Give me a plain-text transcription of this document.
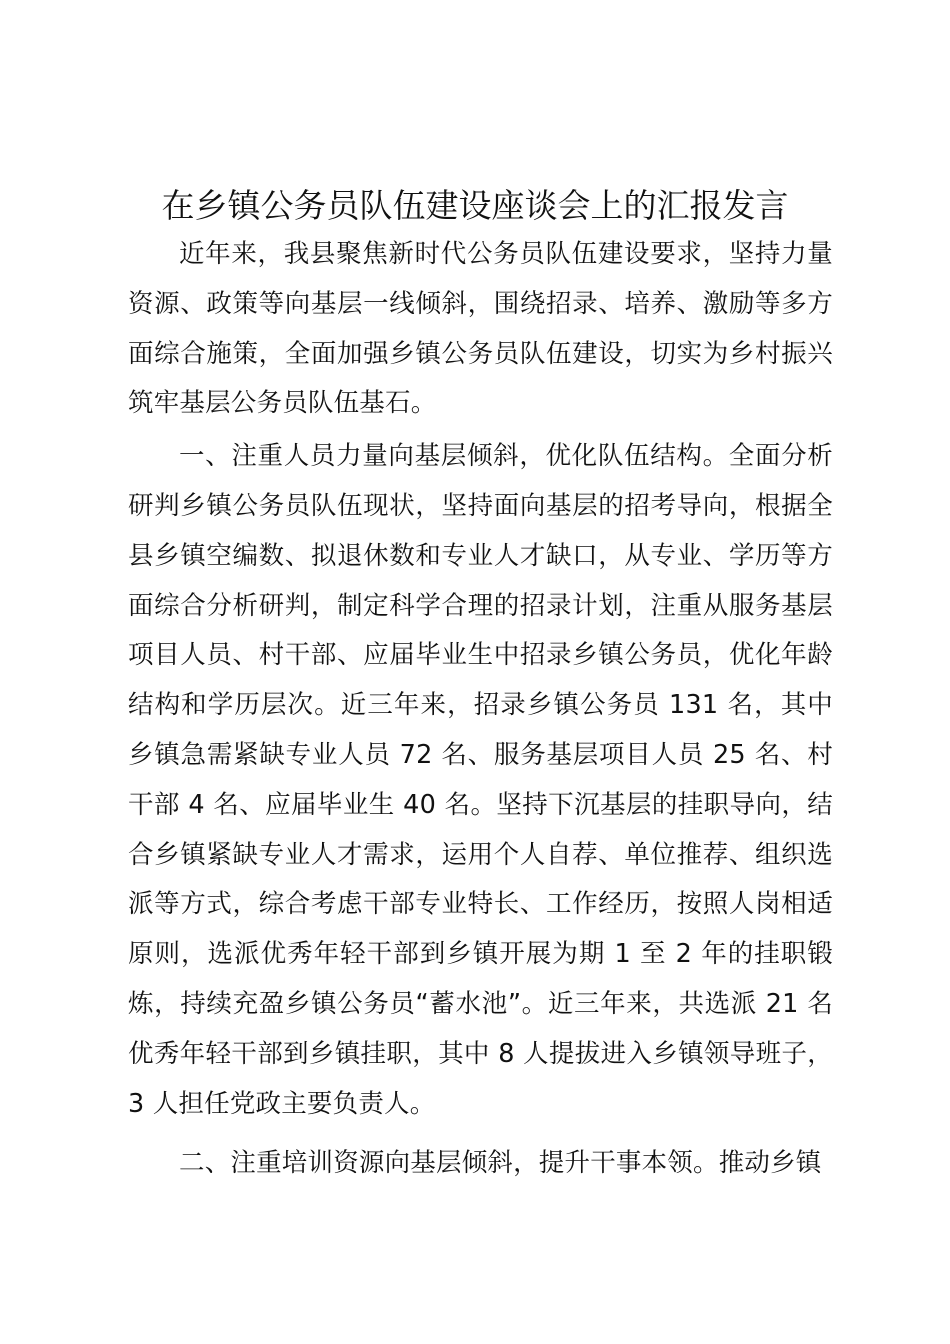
在乡镇公务员队伍建设座谈会上的汇报发言

近年来，我县聚焦新时代公务员队伍建设要求，坚持力量资源、政策等向基层一线倾斜，围绕招录、培养、激励等多方面综合施策，全面加强乡镇公务员队伍建设，切实为乡村振兴筑牢基层公务员队伍基石。

一、注重人员力量向基层倾斜，优化队伍结构。全面分析研判乡镇公务员队伍现状，坚持面向基层的招考导向，根据全县乡镇空编数、拟退休数和专业人才缺口，从专业、学历等方面综合分析研判，制定科学合理的招录计划，注重从服务基层项目人员、村干部、应届毕业生中招录乡镇公务员，优化年龄结构和学历层次。近三年来，招录乡镇公务员 131 名，其中乡镇急需紧缺专业人员 72 名、服务基层项目人员 25 名、村干部 4 名、应届毕业生 40 名。坚持下沉基层的挂职导向，结合乡镇紧缺专业人才需求，运用个人自荐、单位推荐、组织选派等方式，综合考虑干部专业特长、工作经历，按照人岗相适原则，选派优秀年轻干部到乡镇开展为期 1 至 2 年的挂职锻炼，持续充盈乡镇公务员“蓄水池”。近三年来，共选派 21 名优秀年轻干部到乡镇挂职，其中 8 人提拔进入乡镇领导班子，3 人担任党政主要负责人。

二、注重培训资源向基层倾斜，提升干事本领。推动乡镇
